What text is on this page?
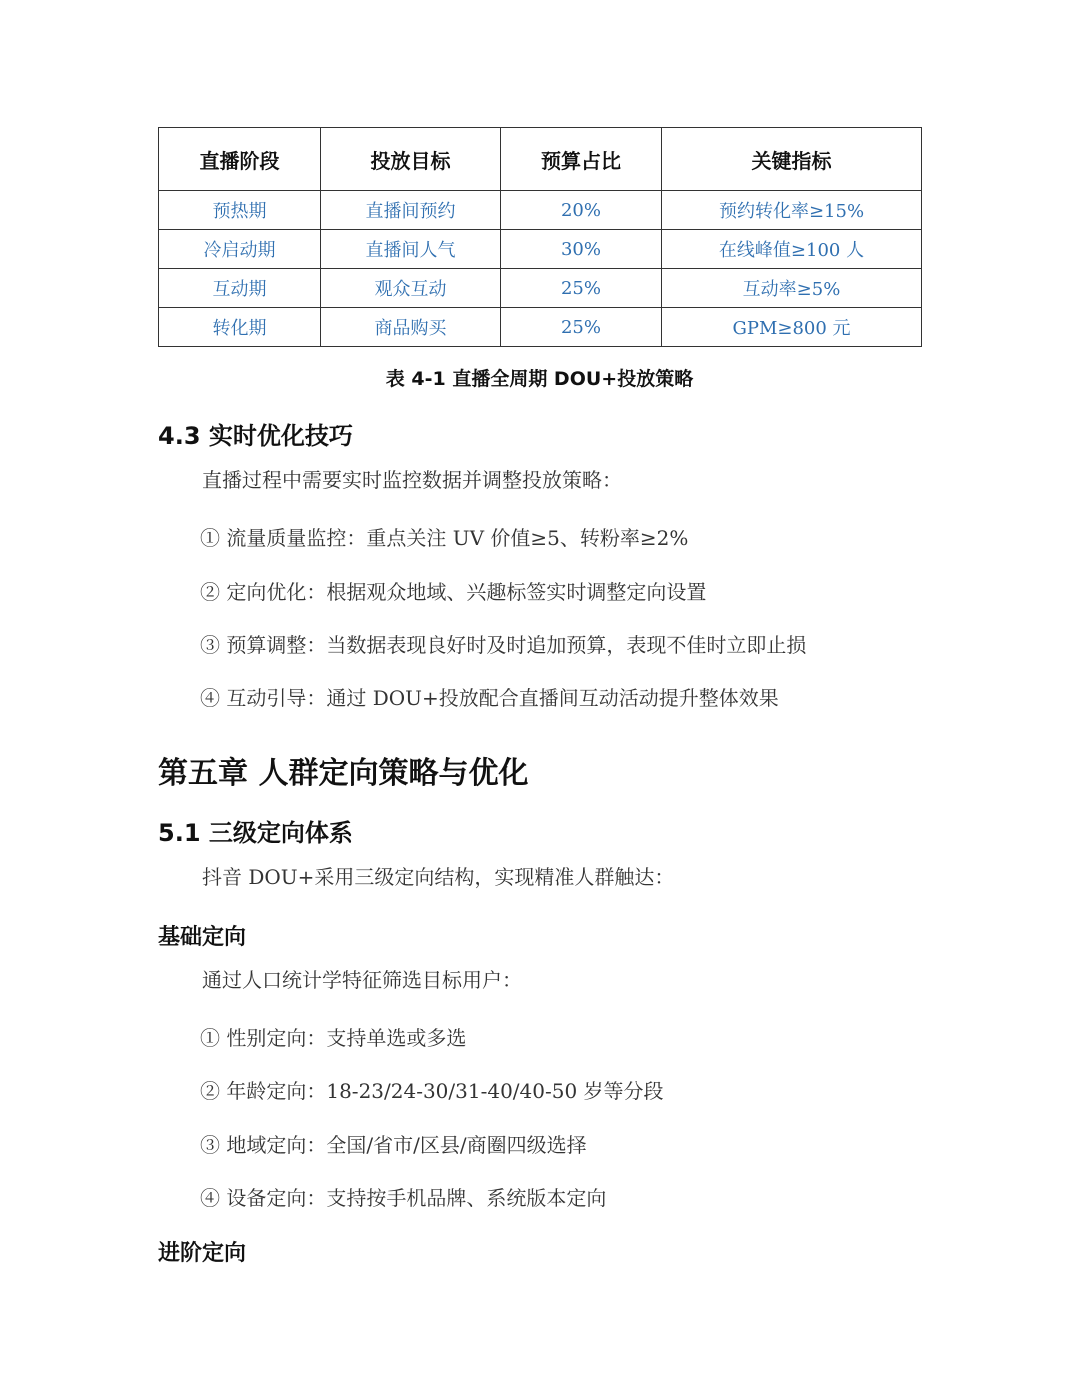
直播阶段	投放目标	预算占比	关键指标
预热期	直播间预约	20%	预约转化率≥15%
冷启动期	直播间人气	30%	在线峰值≥100 人
互动期	观众互动	25%	互动率≥5%
转化期	商品购买	25%	GPM≥800 元
表 4-1 直播全周期 DOU+投放策略
4.3 实时优化技巧
直播过程中需要实时监控数据并调整投放策略：
① 流量质量监控：重点关注 UV 价值≥5、转粉率≥2%
② 定向优化：根据观众地域、兴趣标签实时调整定向设置
③ 预算调整：当数据表现良好时及时追加预算，表现不佳时立即止损
④ 互动引导：通过 DOU+投放配合直播间互动活动提升整体效果
第五章 人群定向策略与优化
5.1 三级定向体系
抖音 DOU+采用三级定向结构，实现精准人群触达：
基础定向
通过人口统计学特征筛选目标用户：
① 性别定向：支持单选或多选
② 年龄定向：18-23/24-30/31-40/40-50 岁等分段
③ 地域定向：全国/省市/区县/商圈四级选择
④ 设备定向：支持按手机品牌、系统版本定向
进阶定向
